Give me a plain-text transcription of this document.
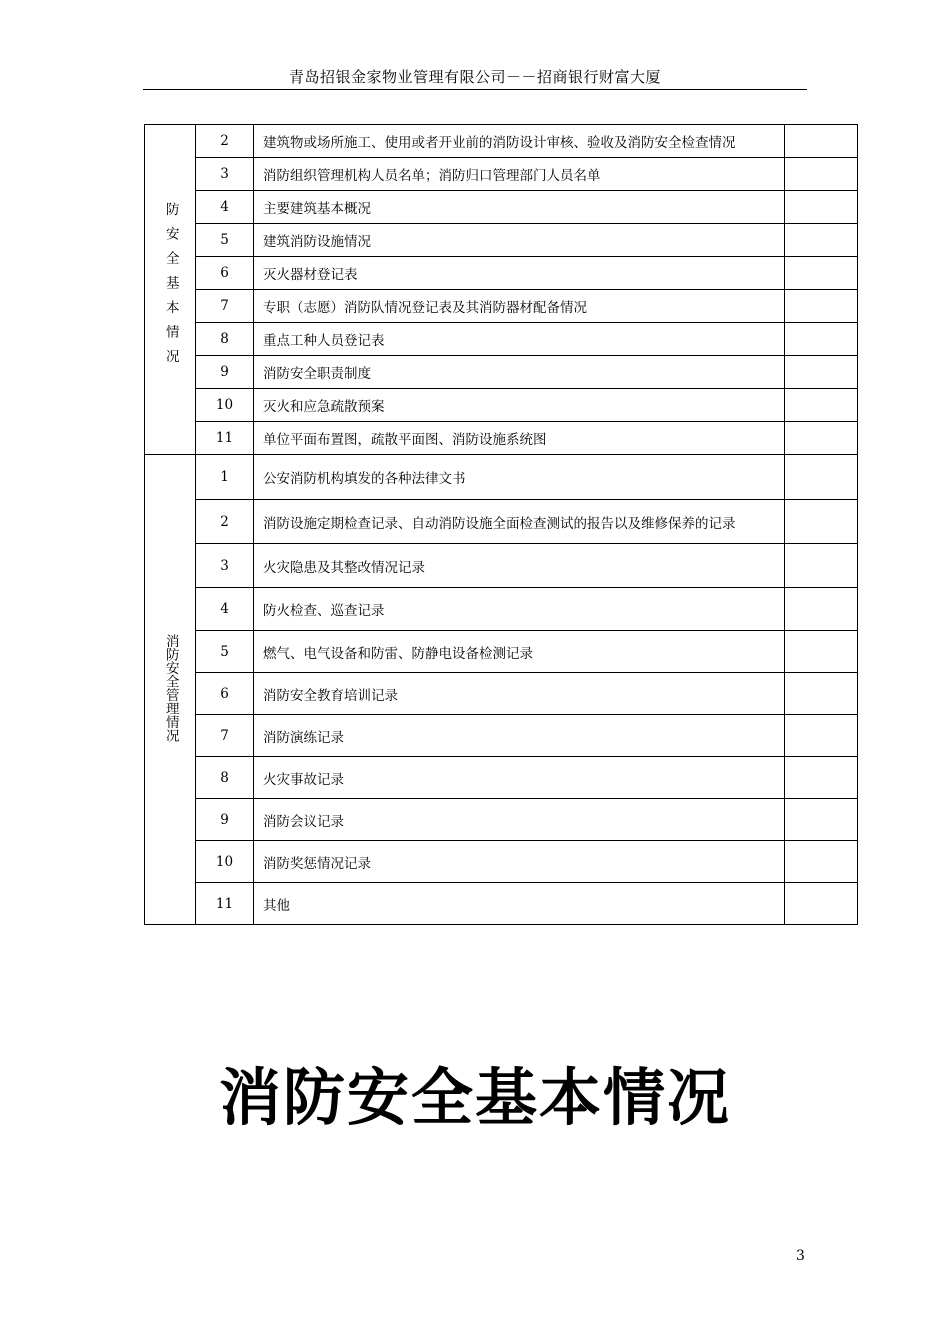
青岛招银金家物业管理有限公司－－招商银行财富大厦
防安全基本情况	2	建筑物或场所施工、使用或者开业前的消防设计审核、验收及消防安全检查情况	
	3	消防组织管理机构人员名单；消防归口管理部门人员名单	
	4	主要建筑基本概况	
	5	建筑消防设施情况	
	6	灭火器材登记表	
	7	专职（志愿）消防队情况登记表及其消防器材配备情况	
	8	重点工种人员登记表	
	9	消防安全职责制度	
	10	灭火和应急疏散预案	
	11	单位平面布置图，疏散平面图、消防设施系统图	
消防安全管理情况	1	公安消防机构填发的各种法律文书	
	2	消防设施定期检查记录、自动消防设施全面检查测试的报告以及维修保养的记录	
	3	火灾隐患及其整改情况记录	
	4	防火检查、巡查记录	
	5	燃气、电气设备和防雷、防静电设备检测记录	
	6	消防安全教育培训记录	
	7	消防演练记录	
	8	火灾事故记录	
	9	消防会议记录	
	10	消防奖惩情况记录	
	11	其他	
消防安全基本情况
3
